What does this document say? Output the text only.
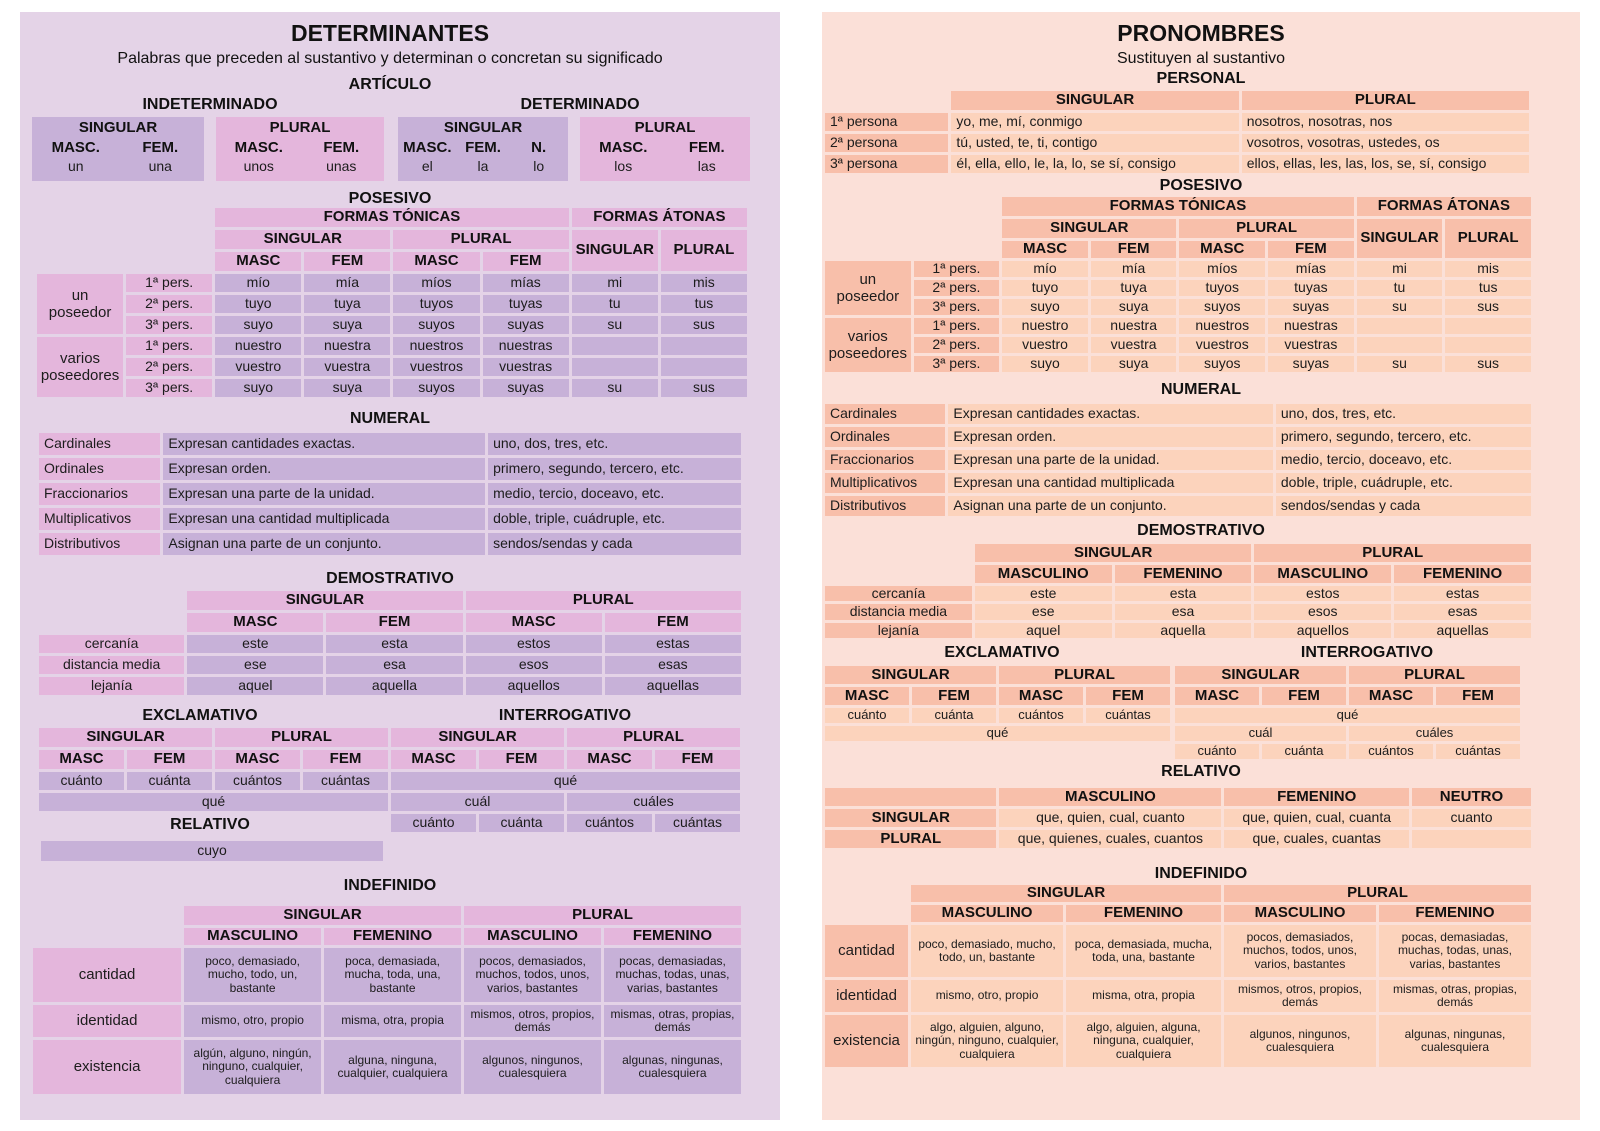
DETERMINANTES
Palabras que preceden al sustantivo y determinan o concretan su significado
ARTÍCULO
INDETERMINADO	DETERMINADO
SINGULAR	
MASC.	FEM.
un	una
PLURAL	
MASC.	FEM.
unos	unas
SINGULAR		
MASC.	FEM.	N.
el	la	lo
PLURAL	
MASC.	FEM.
los	las
POSESIVO
		FORMAS TÓNICAS				FORMAS ÁTONAS	
		SINGULAR		PLURAL		SINGULAR	PLURAL
		MASC	FEM	MASC	FEM		
un poseedor	1ª pers.	mío	mía	míos	mías	mi	mis
	2ª pers.	tuyo	tuya	tuyos	tuyas	tu	tus
	3ª pers.	suyo	suya	suyos	suyas	su	sus
varios poseedores	1ª pers.	nuestro	nuestra	nuestros	nuestras		
	2ª pers.	vuestro	vuestra	vuestros	vuestras		
	3ª pers.	suyo	suya	suyos	suyas	su	sus
NUMERAL
Cardinales	Expresan cantidades exactas.	uno, dos, tres, etc.
Ordinales	Expresan orden.	primero, segundo, tercero, etc.
Fraccionarios	Expresan una parte de la unidad.	medio, tercio, doceavo, etc.
Multiplicativos	Expresan una cantidad multiplicada	doble, triple, cuádruple, etc.
Distributivos	Asignan una parte de un conjunto.	sendos/sendas y cada
DEMOSTRATIVO
	SINGULAR		PLURAL	
	MASC	FEM	MASC	FEM
cercanía	este	esta	estos	estas
distancia media	ese	esa	esos	esas
lejanía	aquel	aquella	aquellos	aquellas
EXCLAMATIVO
SINGULAR		PLURAL	
MASC	FEM	MASC	FEM
cuánto	cuánta	cuántos	cuántas
qué			
INTERROGATIVO
SINGULAR		PLURAL	
MASC	FEM	MASC	FEM
qué			
cuál		cuáles	
cuánto	cuánta	cuántos	cuántas
RELATIVO
cuyo
INDEFINIDO
	SINGULAR		PLURAL	
	MASCULINO	FEMENINO	MASCULINO	FEMENINO
cantidad	poco, demasiado, mucho, todo, un, bastante	poca, demasiada, mucha, toda, una, bastante	pocos, demasiados, muchos, todos, unos, varios, bastantes	pocas, demasiadas, muchas, todas, unas, varias, bastantes
identidad	mismo, otro, propio	misma, otra, propia	mismos, otros, propios, demás	mismas, otras, propias, demás
existencia	algún, alguno, ningún, ninguno, cualquier, cualquiera	alguna, ninguna, cualquier, cualquiera	algunos, ningunos, cualesquiera	algunas, ningunas, cualesquiera
PRONOMBRES
Sustituyen al sustantivo
PERSONAL
	SINGULAR	PLURAL
1ª persona	yo, me, mí, conmigo	nosotros, nosotras, nos
2ª persona	tú, usted, te, ti, contigo	vosotros, vosotras, ustedes, os
3ª persona	él, ella, ello, le, la, lo, se sí, consigo	ellos, ellas, les, las, los, se, sí, consigo
POSESIVO
		FORMAS TÓNICAS				FORMAS ÁTONAS	
		SINGULAR		PLURAL		SINGULAR	PLURAL
		MASC	FEM	MASC	FEM		
un poseedor	1ª pers.	mío	mía	míos	mías	mi	mis
	2ª pers.	tuyo	tuya	tuyos	tuyas	tu	tus
	3ª pers.	suyo	suya	suyos	suyas	su	sus
varios poseedores	1ª pers.	nuestro	nuestra	nuestros	nuestras		
	2ª pers.	vuestro	vuestra	vuestros	vuestras		
	3ª pers.	suyo	suya	suyos	suyas	su	sus
NUMERAL
Cardinales	Expresan cantidades exactas.	uno, dos, tres, etc.
Ordinales	Expresan orden.	primero, segundo, tercero, etc.
Fraccionarios	Expresan una parte de la unidad.	medio, tercio, doceavo, etc.
Multiplicativos	Expresan una cantidad multiplicada	doble, triple, cuádruple, etc.
Distributivos	Asignan una parte de un conjunto.	sendos/sendas y cada
DEMOSTRATIVO
	SINGULAR		PLURAL	
	MASCULINO	FEMENINO	MASCULINO	FEMENINO
cercanía	este	esta	estos	estas
distancia media	ese	esa	esos	esas
lejanía	aquel	aquella	aquellos	aquellas
EXCLAMATIVO
SINGULAR		PLURAL	
MASC	FEM	MASC	FEM
cuánto	cuánta	cuántos	cuántas
qué			
INTERROGATIVO
SINGULAR		PLURAL	
MASC	FEM	MASC	FEM
qué			
cuál		cuáles	
cuánto	cuánta	cuántos	cuántas
RELATIVO
	MASCULINO	FEMENINO	NEUTRO
SINGULAR	que, quien, cual, cuanto	que, quien, cual, cuanta	cuanto
PLURAL	que, quienes, cuales, cuantos	que, cuales, cuantas	
INDEFINIDO
	SINGULAR		PLURAL	
	MASCULINO	FEMENINO	MASCULINO	FEMENINO
cantidad	poco, demasiado, mucho, todo, un, bastante	poca, demasiada, mucha, toda, una, bastante	pocos, demasiados, muchos, todos, unos, varios, bastantes	pocas, demasiadas, muchas, todas, unas, varias, bastantes
identidad	mismo, otro, propio	misma, otra, propia	mismos, otros, propios, demás	mismas, otras, propias, demás
existencia	algo, alguien, alguno, ningún, ninguno, cualquier, cualquiera	algo, alguien, alguna, ninguna, cualquier, cualquiera	algunos, ningunos, cualesquiera	algunas, ningunas, cualesquiera
